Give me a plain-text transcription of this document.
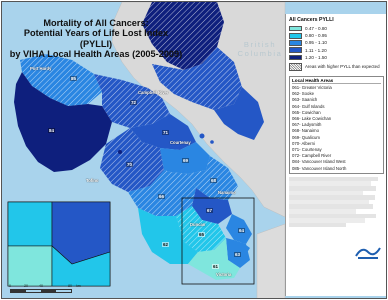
Mortality of All Cancers:
Potential Years of Life Lost Index (PYLLI)
by VIHA Local Health Areas (2005-2009)
British Columbia
85
72
84
70
71
69
68
67
66
65
62
61
63
64
Port Hardy
Campbell River
Courtenay
Nanaimo
Tofino
Duncan
Victoria
0	20	40	80 km
All Cancers PYLLI
0.47 - 0.80
0.80 - 0.95
0.95 - 1.10
1.11 - 1.20
1.20 - 1.50
Areas with higher PYLL than expected
Local Health Areas
061- Greater Victoria
062- Sooke
063- Saanich
064- Gulf Islands
065- Cowichan
066- Lake Cowichan
067- Ladysmith
068- Nanaimo
069- Qualicum
070- Alberni
071- Courtenay
072- Campbell River
084- Vancouver Island West
085- Vancouver Island North
